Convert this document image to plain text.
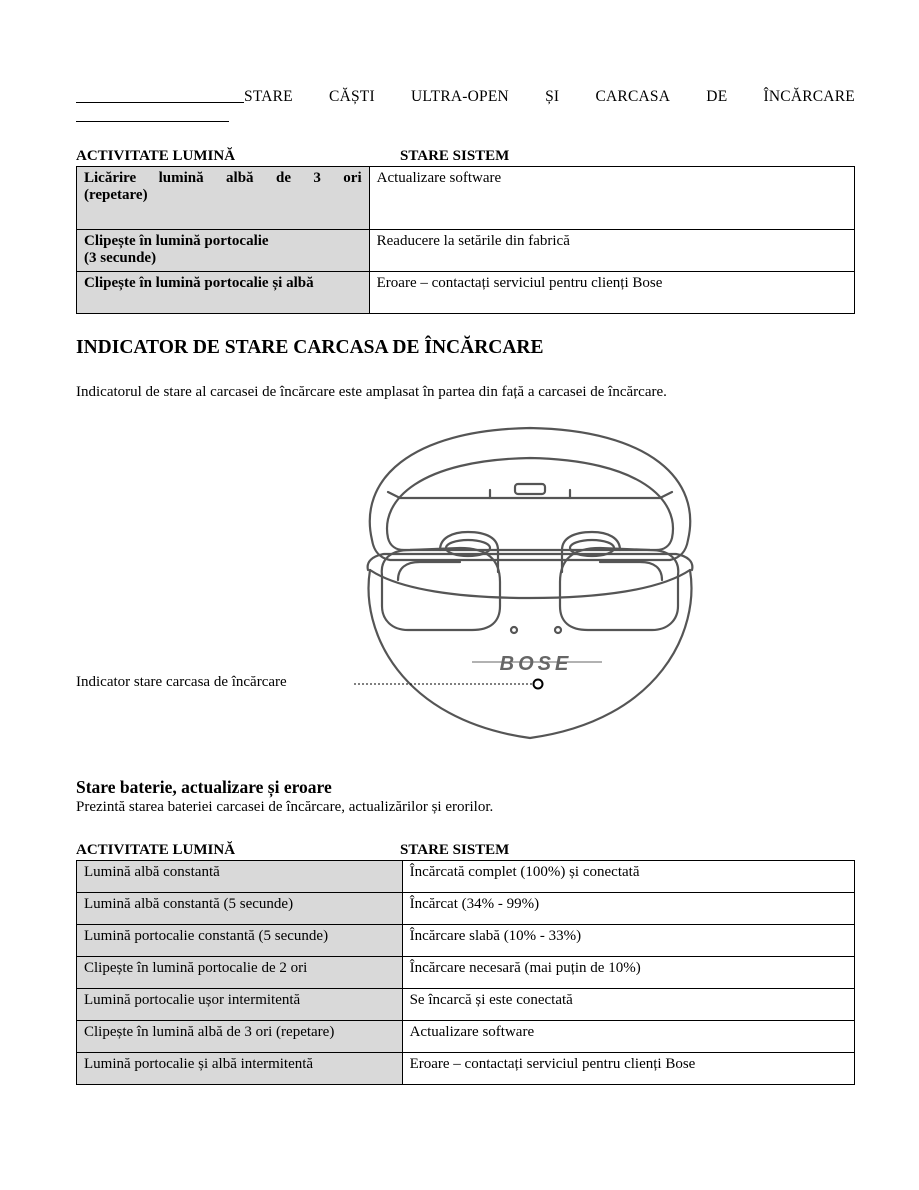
STARE CĂȘTI ULTRA-OPEN ȘI CARCASA DE ÎNCĂRCARE
ACTIVITATE LUMINĂ	STARE SISTEM
Licărire lumină albă de 3 ori
(repetare)	Actualizare software

Clipește în lumină portocalie
(3 secunde)	Readucere la setările din fabrică

Clipește în lumină portocalie și albă	Eroare – contactați serviciul pentru clienți Bose
INDICATOR DE STARE CARCASA DE ÎNCĂRCARE
Indicatorul de stare al carcasei de încărcare este amplasat în partea din față a carcasei de încărcare.
Indicator stare carcasa de încărcare
BOSE
Stare baterie, actualizare și eroare
Prezintă starea bateriei carcasei de încărcare, actualizărilor și erorilor.
ACTIVITATE LUMINĂ	STARE SISTEM
Lumină albă constantă	Încărcată complet (100%) și conectată
Lumină albă constantă (5 secunde)	Încărcat (34% - 99%)
Lumină portocalie constantă (5 secunde)	Încărcare slabă (10% - 33%)
Clipește în lumină portocalie de 2 ori	Încărcare necesară (mai puțin de 10%)
Lumină portocalie ușor intermitentă	Se încarcă și este conectată
Clipește în lumină albă de 3 ori (repetare)	Actualizare software
Lumină portocalie și albă intermitentă	Eroare – contactați serviciul pentru clienți Bose
